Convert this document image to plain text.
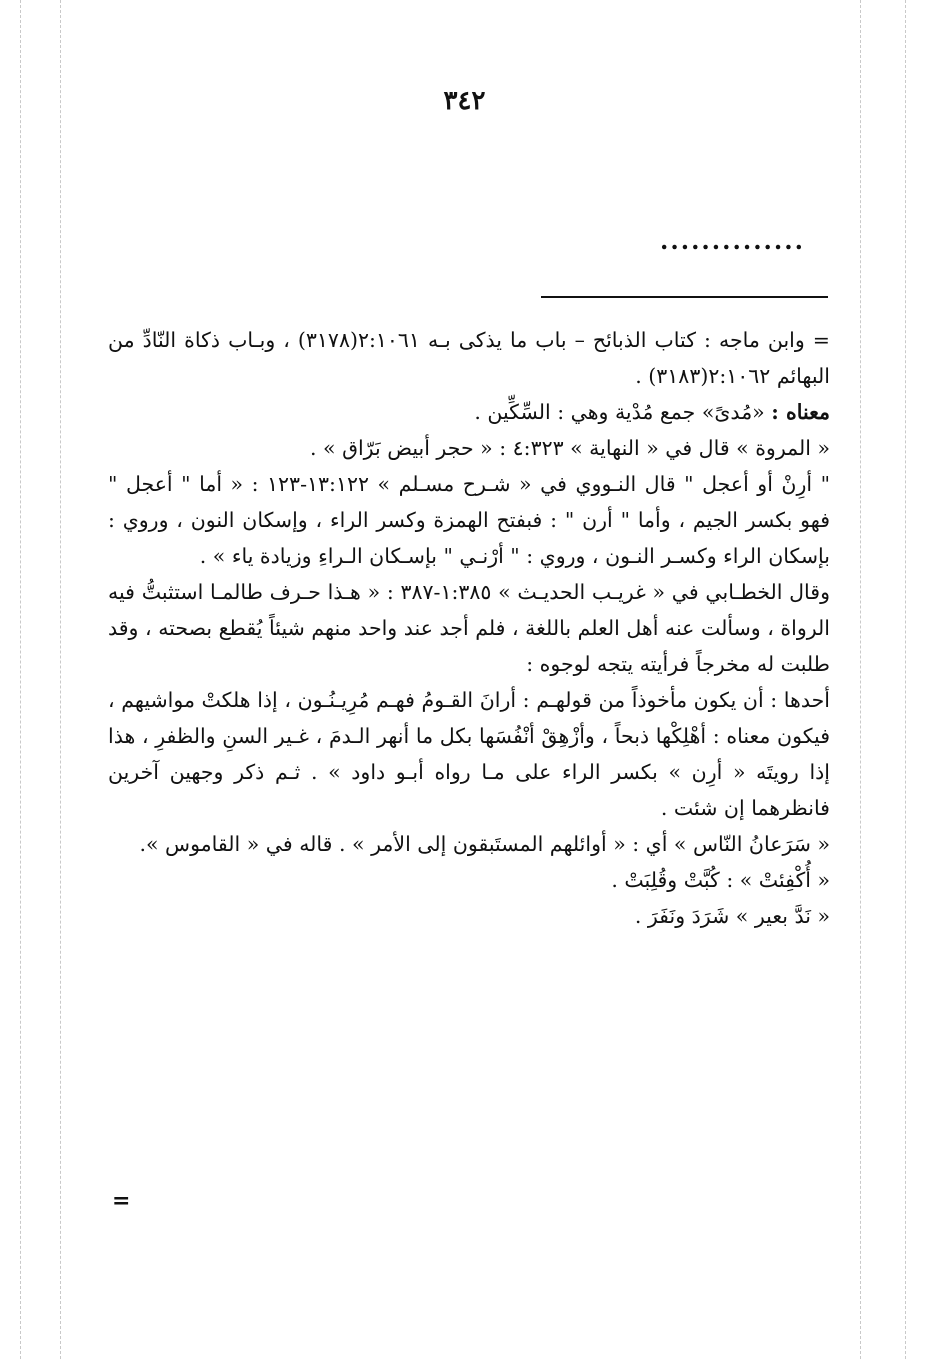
٣٤٢
..............

= وابن ماجه : كتاب الذبائح – باب ما يذكى بـه ٢:١٠٦١(٣١٧٨) ، وبـاب ذكاة النّادِّ من البهائم ٢:١٠٦٢(٣١٨٣) .

معناه : «مُدىً» جمع مُدْية وهي : السِّكِّين .

« المروة » قال في « النهاية » ٤:٣٢٣ : « حجر أبيض بَرّاق » .

" أرِنْ أو أعجل " قال النـووي في « شـرح مسـلم » ١٣:١٢٢-١٢٣ : « أما " أعجل " فهو بكسر الجيم ، وأما " أرن " : فبفتح الهمزة وكسر الراء ، وإسكان النون ، وروي : بإسكان الراء وكسـر النـون ، وروي : " أرْنـي " بإسـكان الـراءِ وزيادة ياء » .

وقال الخطـابي في « غريـب الحديـث » ١:٣٨٥-٣٨٧ : « هـذا حـرف طالمـا استثبتُّ فيه الرواة ، وسألت عنه أهل العلم باللغة ، فلم أجد عند واحد منهم شيئاً يُقطع بصحته ، وقد طلبت له مخرجاً فرأيته يتجه لوجوه :

أحدها : أن يكون مأخوذاً من قولهـم : أرانَ القـومُ فهـم مُرِيـنُـون ، إذا هلكتْ مواشيهم ، فيكون معناه : أهْلِكْها ذبحاً ، وأزْهِقْ أنْفُسَها بكل ما أنهر الـدمَ ، غـير السنِ والظفرِ ، هذا إذا رويتَه « أرِن » بكسر الراء على مـا رواه أبـو داود » . ثـم ذكر وجهين آخرين فانظرهما إن شئت .

« سَرَعانُ النّاس » أي : « أوائلهم المستَبقون إلى الأمر » . قاله في « القاموس ».

« أُكْفِئتْ » : كُبَّتْ وقُلِبَتْ .

« نَدَّ بعير » شَرَدَ ونَفَرَ .

=
